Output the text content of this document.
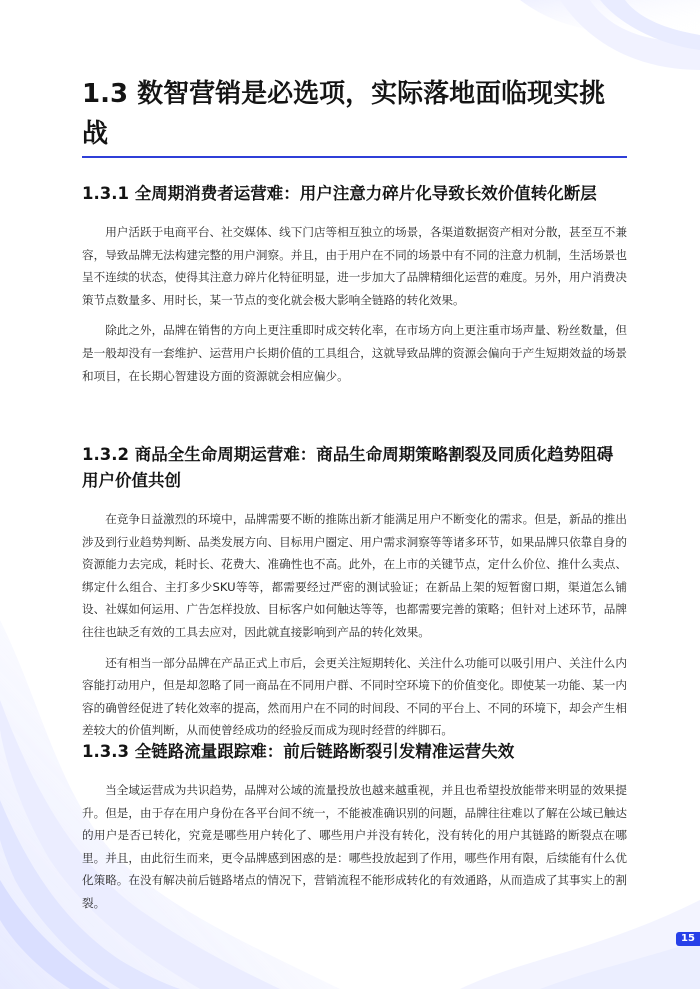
1.3 数智营销是必选项，实际落地面临现实挑战
1.3.1 全周期消费者运营难：用户注意力碎片化导致长效价值转化断层

用户活跃于电商平台、社交媒体、线下门店等相互独立的场景，各渠道数据资产相对分散，甚至互不兼容，导致品牌无法构建完整的用户洞察。并且，由于用户在不同的场景中有不同的注意力机制，生活场景也呈不连续的状态，使得其注意力碎片化特征明显，进一步加大了品牌精细化运营的难度。另外，用户消费决策节点数量多、用时长，某一节点的变化就会极大影响全链路的转化效果。

除此之外，品牌在销售的方向上更注重即时成交转化率，在市场方向上更注重市场声量、粉丝数量，但是一般却没有一套维护、运营用户长期价值的工具组合，这就导致品牌的资源会偏向于产生短期效益的场景和项目，在长期心智建设方面的资源就会相应偏少。

1.3.2 商品全生命周期运营难：商品生命周期策略割裂及同质化趋势阻碍用户价值共创

在竞争日益激烈的环境中，品牌需要不断的推陈出新才能满足用户不断变化的需求。但是，新品的推出涉及到行业趋势判断、品类发展方向、目标用户圈定、用户需求洞察等等诸多环节，如果品牌只依靠自身的资源能力去完成，耗时长、花费大、准确性也不高。此外，在上市的关键节点，定什么价位、推什么卖点、绑定什么组合、主打多少SKU等等，都需要经过严密的测试验证；在新品上架的短暂窗口期，渠道怎么铺设、社媒如何运用、广告怎样投放、目标客户如何触达等等，也都需要完善的策略；但针对上述环节，品牌往往也缺乏有效的工具去应对，因此就直接影响到产品的转化效果。

还有相当一部分品牌在产品正式上市后，会更关注短期转化、关注什么功能可以吸引用户、关注什么内容能打动用户，但是却忽略了同一商品在不同用户群、不同时空环境下的价值变化。即使某一功能、某一内容的确曾经促进了转化效率的提高，然而用户在不同的时间段、不同的平台上、不同的环境下，却会产生相差较大的价值判断，从而使曾经成功的经验反而成为现时经营的绊脚石。

1.3.3 全链路流量跟踪难：前后链路断裂引发精准运营失效

当全域运营成为共识趋势，品牌对公域的流量投放也越来越重视，并且也希望投放能带来明显的效果提升。但是，由于存在用户身份在各平台间不统一，不能被准确识别的问题，品牌往往难以了解在公域已触达的用户是否已转化，究竟是哪些用户转化了、哪些用户并没有转化，没有转化的用户其链路的断裂点在哪里。并且，由此衍生而来，更令品牌感到困惑的是：哪些投放起到了作用，哪些作用有限，后续能有什么优化策略。在没有解决前后链路堵点的情况下，营销流程不能形成转化的有效通路，从而造成了其事实上的割裂。

15
